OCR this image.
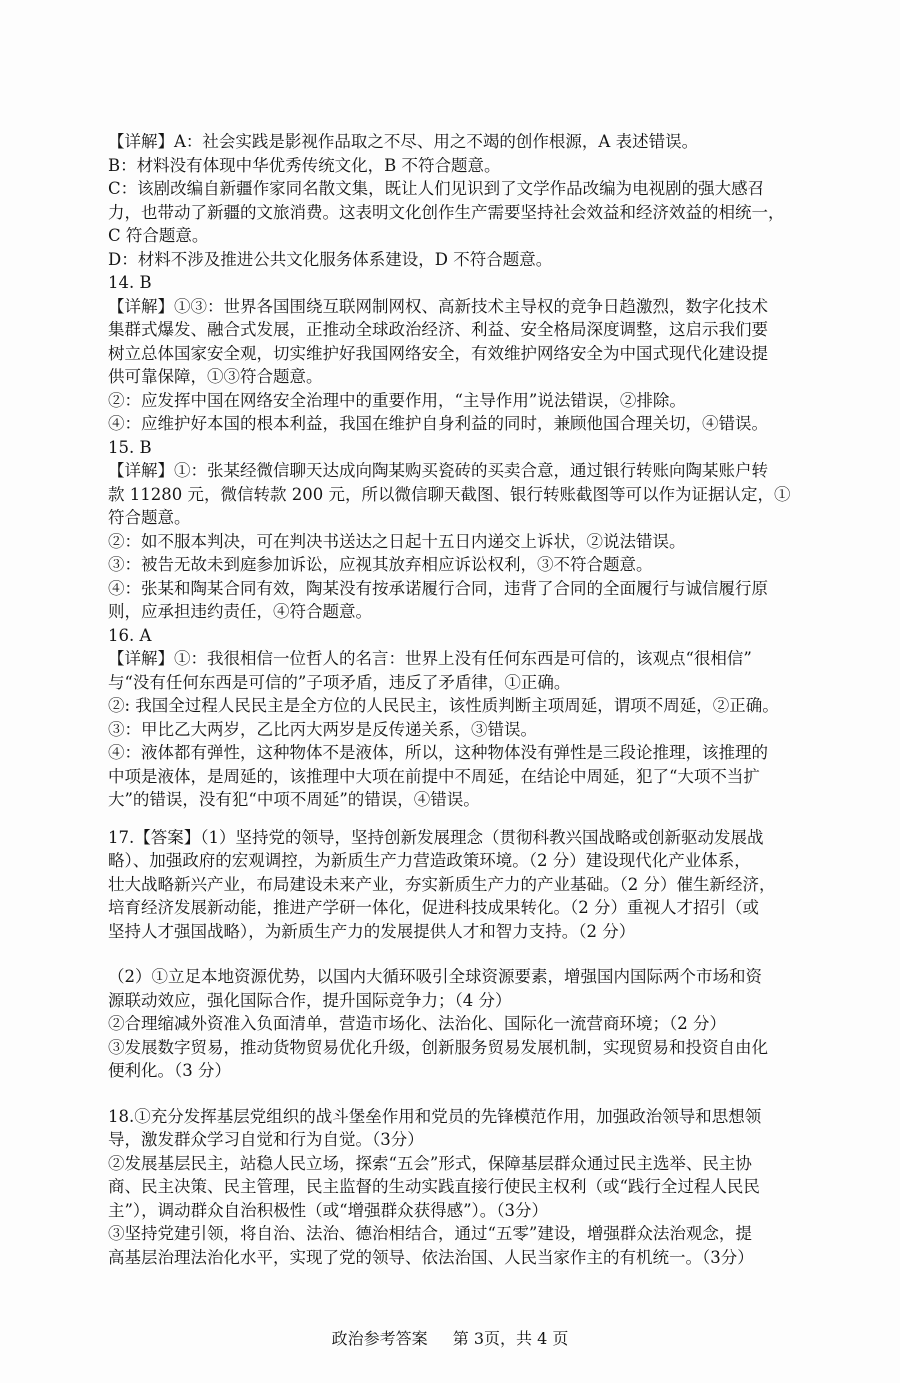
【详解】A：社会实践是影视作品取之不尽、用之不竭的创作根源，A 表述错误。
B：材料没有体现中华优秀传统文化，B 不符合题意。
C：该剧改编自新疆作家同名散文集，既让人们见识到了文学作品改编为电视剧的强大感召
力，也带动了新疆的文旅消费。这表明文化创作生产需要坚持社会效益和经济效益的相统一，
C 符合题意。
D：材料不涉及推进公共文化服务体系建设，D 不符合题意。
14. B
【详解】①③：世界各国围绕互联网制网权、高新技术主导权的竞争日趋激烈，数字化技术
集群式爆发、融合式发展，正推动全球政治经济、利益、安全格局深度调整，这启示我们要
树立总体国家安全观，切实维护好我国网络安全，有效维护网络安全为中国式现代化建设提
供可靠保障，①③符合题意。
②：应发挥中国在网络安全治理中的重要作用，“主导作用”说法错误，②排除。
④：应维护好本国的根本利益，我国在维护自身利益的同时，兼顾他国合理关切，④错误。
15. B
【详解】①：张某经微信聊天达成向陶某购买瓷砖的买卖合意，通过银行转账向陶某账户转
款 11280 元，微信转款 200 元，所以微信聊天截图、银行转账截图等可以作为证据认定，①
符合题意。
②：如不服本判决，可在判决书送达之日起十五日内递交上诉状，②说法错误。
③：被告无故未到庭参加诉讼，应视其放弃相应诉讼权利，③不符合题意。
④：张某和陶某合同有效，陶某没有按承诺履行合同，违背了合同的全面履行与诚信履行原
则，应承担违约责任，④符合题意。
16. A
【详解】①：我很相信一位哲人的名言：世界上没有任何东西是可信的，该观点“很相信”
与“没有任何东西是可信的”子项矛盾，违反了矛盾律，①正确。
②: 我国全过程人民民主是全方位的人民民主，该性质判断主项周延，谓项不周延，②正确。
③：甲比乙大两岁，乙比丙大两岁是反传递关系，③错误。
④：液体都有弹性，这种物体不是液体，所以，这种物体没有弹性是三段论推理，该推理的
中项是液体，是周延的，该推理中大项在前提中不周延，在结论中周延，犯了“大项不当扩
大”的错误，没有犯“中项不周延”的错误，④错误。
17.【答案】（1）坚持党的领导，坚持创新发展理念（贯彻科教兴国战略或创新驱动发展战
略）、加强政府的宏观调控，为新质生产力营造政策环境。（2 分）建设现代化产业体系，
壮大战略新兴产业，布局建设未来产业，夯实新质生产力的产业基础。（2 分）催生新经济，
培育经济发展新动能，推进产学研一体化，促进科技成果转化。（2 分）重视人才招引（或
坚持人才强国战略），为新质生产力的发展提供人才和智力支持。（2 分）
（2）①立足本地资源优势，以国内大循环吸引全球资源要素，增强国内国际两个市场和资
源联动效应，强化国际合作，提升国际竞争力；（4 分）
②合理缩减外资准入负面清单，营造市场化、法治化、国际化一流营商环境；（2 分）
③发展数字贸易，推动货物贸易优化升级，创新服务贸易发展机制，实现贸易和投资自由化
便利化。（3 分）
18.①充分发挥基层党组织的战斗堡垒作用和党员的先锋模范作用，加强政治领导和思想领
导，激发群众学习自觉和行为自觉。（3分）
②发展基层民主，站稳人民立场，探索“五会”形式，保障基层群众通过民主选举、民主协
商、民主决策、民主管理，民主监督的生动实践直接行使民主权利（或“践行全过程人民民
主”），调动群众自治积极性（或“增强群众获得感”）。（3分）
③坚持党建引领，将自治、法治、德治相结合，通过“五零”建设，增强群众法治观念，提
高基层治理法治化水平，实现了党的领导、依法治国、人民当家作主的有机统一。（3分）
政治参考答案 第 3页，共 4 页
